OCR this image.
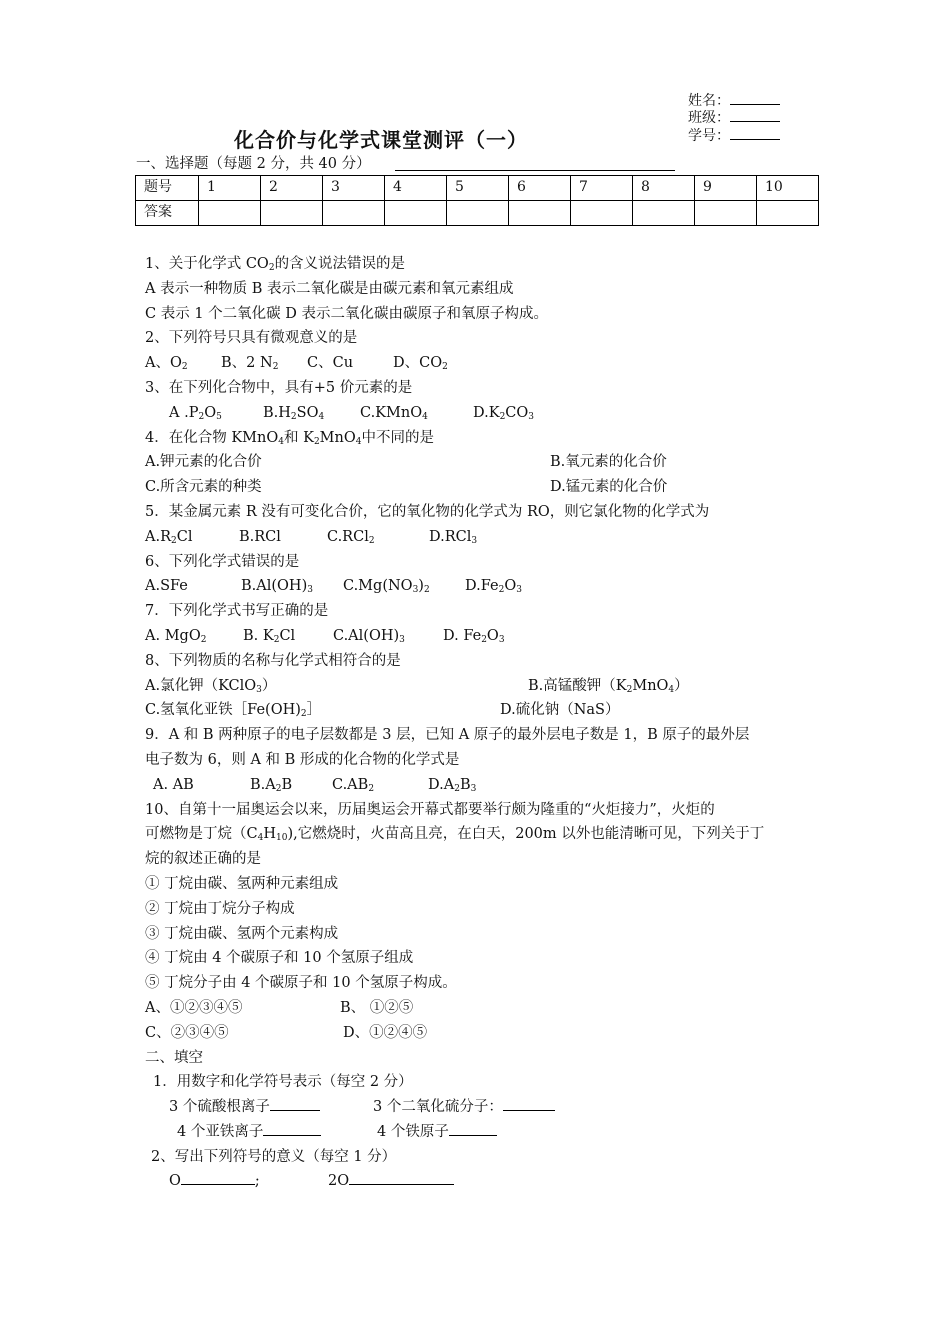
姓名：
班级：
学号：
化合价与化学式课堂测评（一）
一、选择题（每题 2 分，共 40 分）
题号	1	2	3	4	5	6	7	8	9	10
答案										
1、关于化学式 $CO_2$的含义说法错误的是
A 表示一种物质 B 表示二氧化碳是由碳元素和氧元素组成
C 表示 1 个二氧化碳 D 表示二氧化碳由碳原子和氧原子构成。
2、下列符号只具有微观意义的是
A、$O_2$ B、2 $N_2$ C、Cu	D、$CO_2$
3、在下列化合物中，具有+5 价元素的是
A $.P_2O_5$	$B.H_2SO_4$ C.KMnO$_4$	$D.K_2CO_3$
4．在化合物 KMnO$_4$和 $K_2MnO_4$中不同的是
A.钾元素的化合价	B.氧元素的化合价
C.所含元素的种类	D.锰元素的化合价
5．某金属元素 R 没有可变化合价，它的氧化物的化学式为 RO，则它氯化物的化学式为
$A.R_2Cl$	B.RCl	C.RCl$_2$	D.RCl$_3$
6、下列化学式错误的是
A.SFe	$B.Al(OH)_3$ $C.Mg(NO_3)_2$ $D.Fe_2O_3$
7．下列化学式书写正确的是
A. MgO$_2$	B. $K_2Cl$	$C.Al(OH)_3$	D. $Fe_2O_3$
8、下列物质的名称与化学式相符合的是
A.氯化钾（KClO$_3$）	B.高锰酸钾$(K_2MnO_4)$
C.氢氧化亚铁$[Fe(OH)_2]$	D.硫化钠（NaS）
9．A 和 B 两种原子的电子层数都是 3 层，已知 A 原子的最外层电子数是 1，B 原子的最外层
电子数为 6，则 A 和 B 形成的化合物的化学式是
A. AB	$B.A_2B$	$C.AB_2$	$D.A_2B_3$
10、自第十一届奥运会以来，历届奥运会开幕式都要举行颇为隆重的“火炬接力”，火炬的
可燃物是丁烷$(C_4H_{10})$,它燃烧时，火苗高且亮，在白天，200m 以外也能清晰可见，下列关于丁
烷的叙述正确的是
① 丁烷由碳、氢两种元素组成
② 丁烷由丁烷分子构成
③ 丁烷由碳、氢两个元素构成
④ 丁烷由 4 个碳原子和 10 个氢原子组成
⑤ 丁烷分子由 4 个碳原子和 10 个氢原子构成。
A、①②③④⑤	B、 ①②⑤
C、②③④⑤	D、①②④⑤
二、填空
1．用数字和化学符号表示（每空 2 分）
3 个硫酸根离子	3 个二氧化硫分子：
4 个亚铁离子	4 个铁原子
2、写出下列符号的意义（每空 1 分）
O	;	2O
